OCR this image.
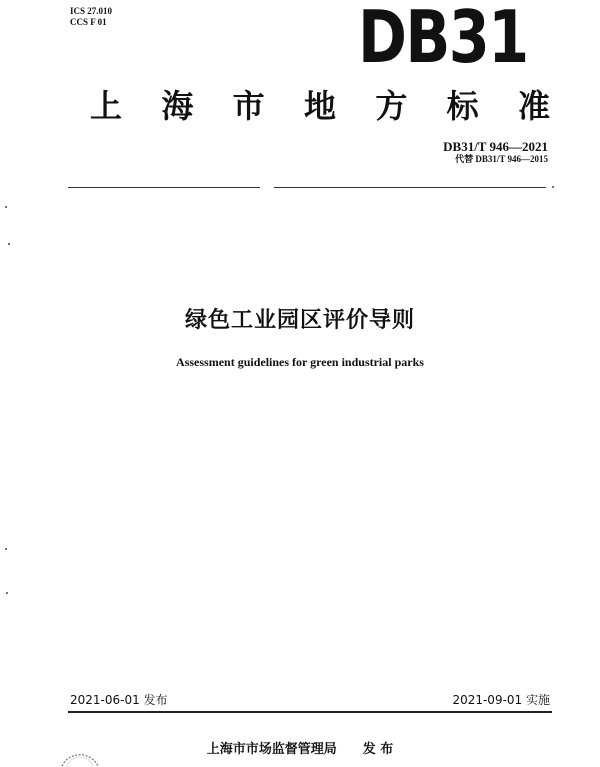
ICS 27.010
CCS F 01	DB31
上 海 市 地 方 标 准
DB31/T 946—2021
代替 DB31/T 946—2015
绿色工业园区评价导则
Assessment guidelines for green industrial parks
2021-06-01 发布	2021-09-01 实施
上海市市场监督管理局　　发 布
